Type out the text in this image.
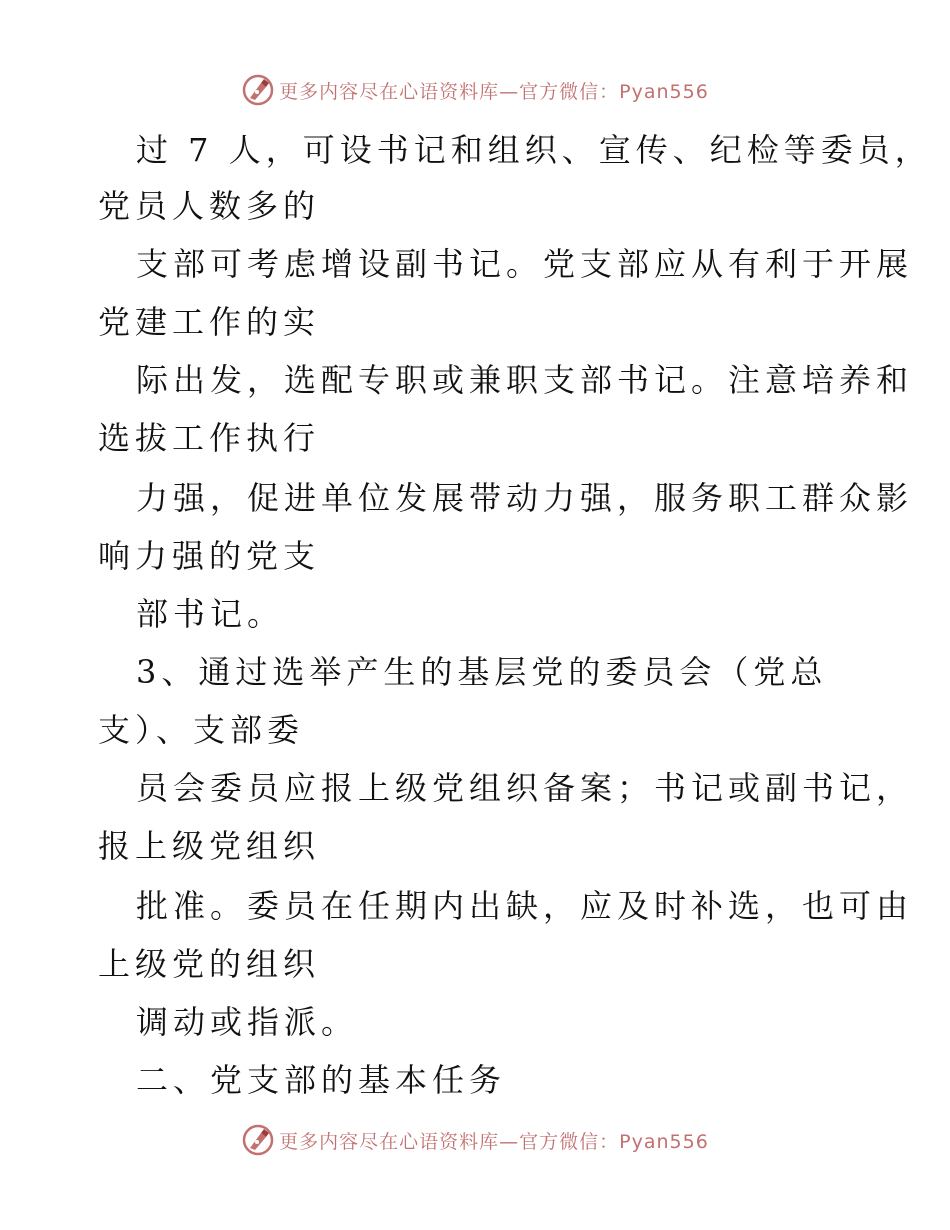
更多内容尽在心语资料库—官方微信：Pyan556
过 7 人，可设书记和组织、宣传、纪检等委员，
党员人数多的
支部可考虑增设副书记。党支部应从有利于开展
党建工作的实
际出发，选配专职或兼职支部书记。注意培养和
选拔工作执行
力强，促进单位发展带动力强，服务职工群众影
响力强的党支
部书记。
3、通过选举产生的基层党的委员会（党总
支）、支部委
员会委员应报上级党组织备案；书记或副书记，
报上级党组织
批准。委员在任期内出缺，应及时补选，也可由
上级党的组织
调动或指派。
二、党支部的基本任务
更多内容尽在心语资料库—官方微信：Pyan556
